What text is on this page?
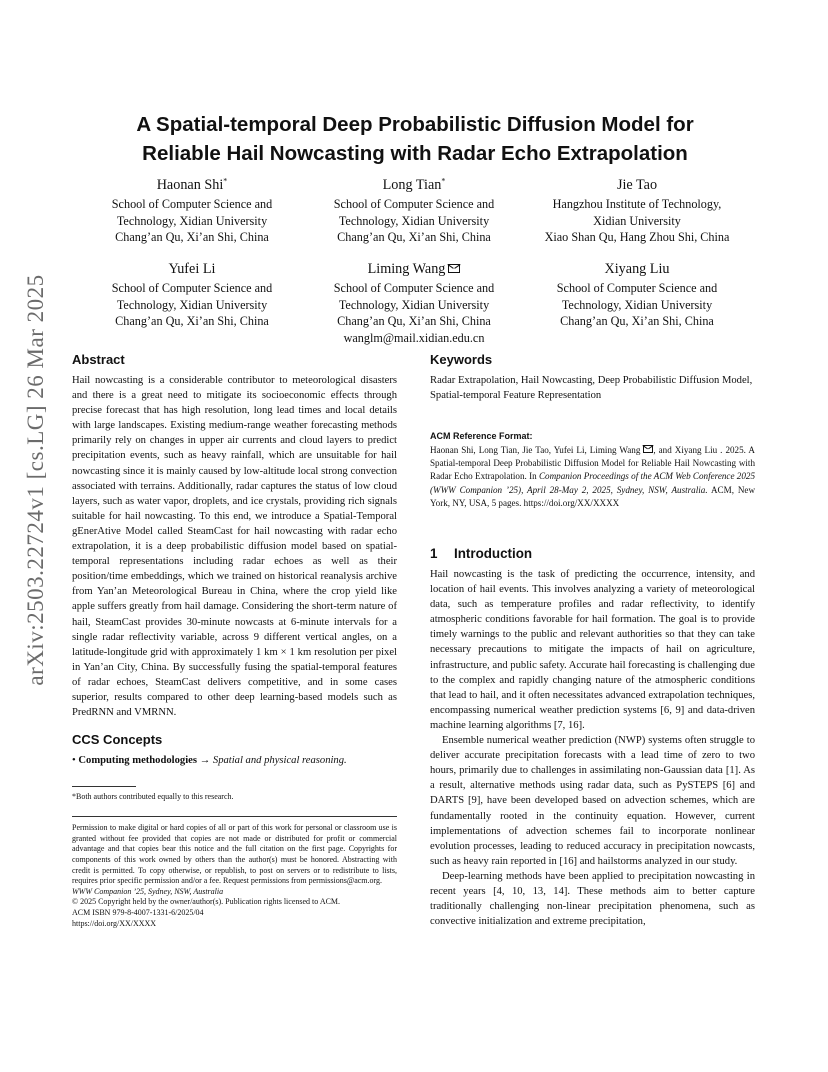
arXiv:2503.22724v1 [cs.LG] 26 Mar 2025
A Spatial-temporal Deep Probabilistic Diffusion Model for
Reliable Hail Nowcasting with Radar Echo Extrapolation
Haonan Shi*
School of Computer Science and
Technology, Xidian University
Chang’an Qu, Xi’an Shi, China
Long Tian*
School of Computer Science and
Technology, Xidian University
Chang’an Qu, Xi’an Shi, China
Jie Tao
Hangzhou Institute of Technology,
Xidian University
Xiao Shan Qu, Hang Zhou Shi, China
Yufei Li
School of Computer Science and
Technology, Xidian University
Chang’an Qu, Xi’an Shi, China
Liming Wang
School of Computer Science and
Technology, Xidian University
Chang’an Qu, Xi’an Shi, China
wanglm@mail.xidian.edu.cn
Xiyang Liu
School of Computer Science and
Technology, Xidian University
Chang’an Qu, Xi’an Shi, China
Abstract

Hail nowcasting is a considerable contributor to meteorological disasters and there is a great need to mitigate its socioeconomic effects through precise forecast that has high resolution, long lead times and local details with large landscapes. Existing medium-range weather forecasting methods primarily rely on changes in upper air currents and cloud layers to predict precipitation events, such as heavy rainfall, which are unsuitable for hail nowcasting since it is mainly caused by low-altitude local strong convection associated with terrains. Additionally, radar captures the status of low cloud layers, such as water vapor, droplets, and ice crystals, providing rich signals suitable for hail nowcasting. To this end, we introduce a Spatial-Temporal gEnerAtive Model called SteamCast for hail nowcasting with radar echo extrapolation, it is a deep probabilistic diffusion model based on spatial-temporal representations including radar echoes as well as their position/time embeddings, which we trained on historical reanalysis archive from Yan’an Meteorological Bureau in China, where the crop yield like apple suffers greatly from hail damage. Considering the short-term nature of hail, SteamCast provides 30-minute nowcasts at 6-minute intervals for a single radar reflectivity variable, across 9 different vertical angles, on a latitude-longitude grid with approximately 1 km × 1 km resolution per pixel in Yan’an City, China. By successfully fusing the spatial-temporal features of radar echoes, SteamCast delivers competitive, and in some cases superior, results compared to other deep learning-based models such as PredRNN and VMRNN.

CCS Concepts

• Computing methodologies → Spatial and physical reasoning.

*Both authors contributed equally to this research.

Permission to make digital or hard copies of all or part of this work for personal or classroom use is granted without fee provided that copies are not made or distributed for profit or commercial advantage and that copies bear this notice and the full citation on the first page. Copyrights for components of this work owned by others than the author(s) must be honored. Abstracting with credit is permitted. To copy otherwise, or republish, to post on servers or to redistribute to lists, requires prior specific permission and/or a fee. Request permissions from permissions@acm.org.

WWW Companion ’25, Sydney, NSW, Australia

© 2025 Copyright held by the owner/author(s). Publication rights licensed to ACM.

ACM ISBN 979-8-4007-1331-6/2025/04

https://doi.org/XX/XXXX

Keywords

Radar Extrapolation, Hail Nowcasting, Deep Probabilistic Diffusion Model, Spatial-temporal Feature Representation

ACM Reference Format:

Haonan Shi, Long Tian, Jie Tao, Yufei Li, Liming Wang , and Xiyang Liu . 2025. A Spatial-temporal Deep Probabilistic Diffusion Model for Reliable Hail Nowcasting with Radar Echo Extrapolation. In Companion Proceedings of the ACM Web Conference 2025 (WWW Companion ’25), April 28-May 2, 2025, Sydney, NSW, Australia. ACM, New York, NY, USA, 5 pages. https://doi.org/XX/XXXX

1 Introduction

Hail nowcasting is the task of predicting the occurrence, intensity, and location of hail events. This involves analyzing a variety of meteorological data, such as temperature profiles and radar reflectivity, to identify atmospheric conditions favorable for hail formation. The goal is to provide timely warnings to the public and relevant authorities so that they can take necessary precautions to mitigate the impacts of hail on agriculture, infrastructure, and public safety. Accurate hail forecasting is challenging due to the complex and rapidly changing nature of the atmospheric conditions that lead to hail, and it often necessitates advanced extrapolation techniques, encompassing numerical weather prediction systems [6, 9] and data-driven machine learning algorithms [7, 16].

Ensemble numerical weather prediction (NWP) systems often struggle to deliver accurate precipitation forecasts with a lead time of zero to two hours, primarily due to challenges in assimilating non-Gaussian data [1]. As a result, alternative methods using radar data, such as PySTEPS [6] and DARTS [9], have been developed based on advection schemes, which are fundamentally rooted in the continuity equation. However, current implementations of advection schemes fail to incorporate nonlinear evolution processes, leading to reduced accuracy in precipitation nowcasts, such as heavy rain reported in [16] and hailstorms analyzed in our study.

Deep-learning methods have been applied to precipitation nowcasting in recent years [4, 10, 13, 14]. These methods aim to better capture traditionally challenging non-linear precipitation phenomena, such as convective initialization and extreme precipitation,
